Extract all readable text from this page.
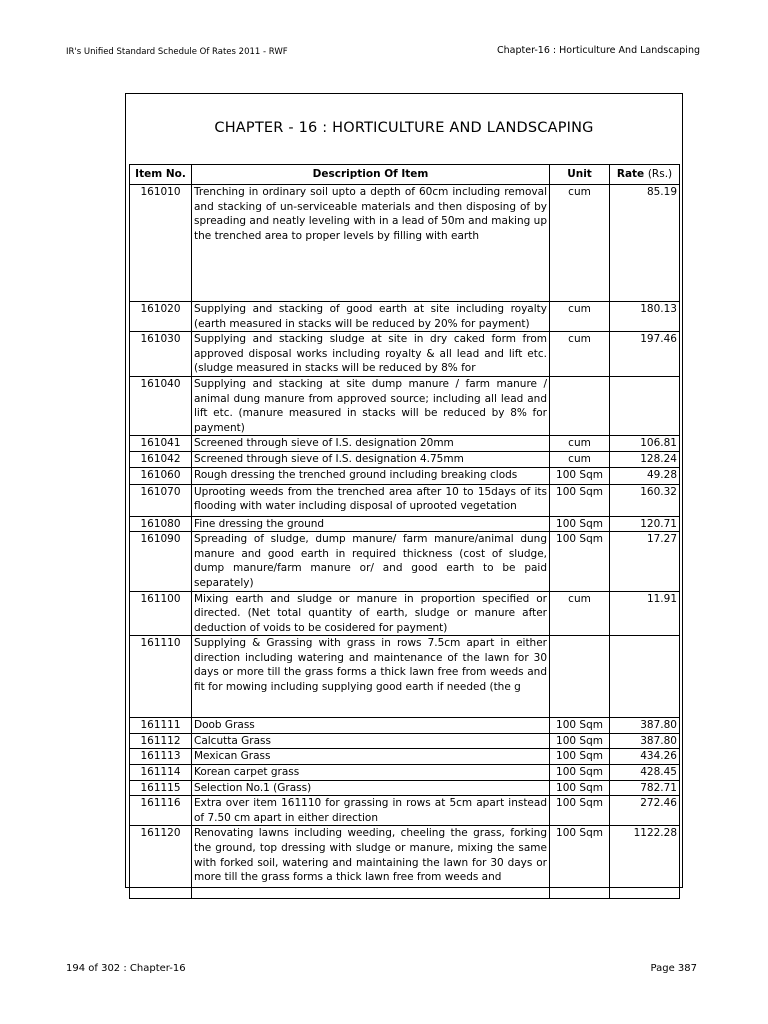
IR's Unified Standard Schedule Of Rates 2011 - RWF	Chapter-16 : Horticulture And Landscaping
CHAPTER - 16 : HORTICULTURE AND LANDSCAPING
Item No.	Description Of Item	Unit	Rate (Rs.)
161010	Trenching in ordinary soil upto a depth of 60cm including removal and stacking of un-serviceable materials and then disposing of by spreading and neatly leveling with in a lead of 50m and making up the trenched area to proper levels by filling with earth	cum	85.19
161020	Supplying and stacking of good earth at site including royalty (earth measured in stacks will be reduced by 20% for payment)	cum	180.13
161030	Supplying and stacking sludge at site in dry caked form from approved disposal works including royalty & all lead and lift etc. (sludge measured in stacks will be reduced by 8% for	cum	197.46
161040	Supplying and stacking at site dump manure / farm manure / animal dung manure from approved source; including all lead and lift etc. (manure measured in stacks will be reduced by 8% for payment)		
161041	Screened through sieve of I.S. designation 20mm	cum	106.81
161042	Screened through sieve of I.S. designation 4.75mm	cum	128.24
161060	Rough dressing the trenched ground including breaking clods	100 Sqm	49.28
161070	Uprooting weeds from the trenched area after 10 to 15days of its flooding with water including disposal of uprooted vegetation	100 Sqm	160.32
161080	Fine dressing the ground	100 Sqm	120.71
161090	Spreading of sludge, dump manure/ farm manure/animal dung manure and good earth in required thickness (cost of sludge, dump manure/farm manure or/ and good earth to be paid separately)	100 Sqm	17.27
161100	Mixing earth and sludge or manure in proportion specified or directed. (Net total quantity of earth, sludge or manure after deduction of voids to be cosidered for payment)	cum	11.91
161110	Supplying & Grassing with grass in rows 7.5cm apart in either direction including watering and maintenance of the lawn for 30 days or more till the grass forms a thick lawn free from weeds and fit for mowing including supplying good earth if needed (the g		
161111	Doob Grass	100 Sqm	387.80
161112	Calcutta Grass	100 Sqm	387.80
161113	Mexican Grass	100 Sqm	434.26
161114	Korean carpet grass	100 Sqm	428.45
161115	Selection No.1 (Grass)	100 Sqm	782.71
161116	Extra over item 161110 for grassing in rows at 5cm apart instead of 7.50 cm apart in either direction	100 Sqm	272.46
161120	Renovating lawns including weeding, cheeling the grass, forking the ground, top dressing with sludge or manure, mixing the same with forked soil, watering and maintaining the lawn for 30 days or more till the grass forms a thick lawn free from weeds and	100 Sqm	1122.28
194 of 302 : Chapter-16	Page 387
